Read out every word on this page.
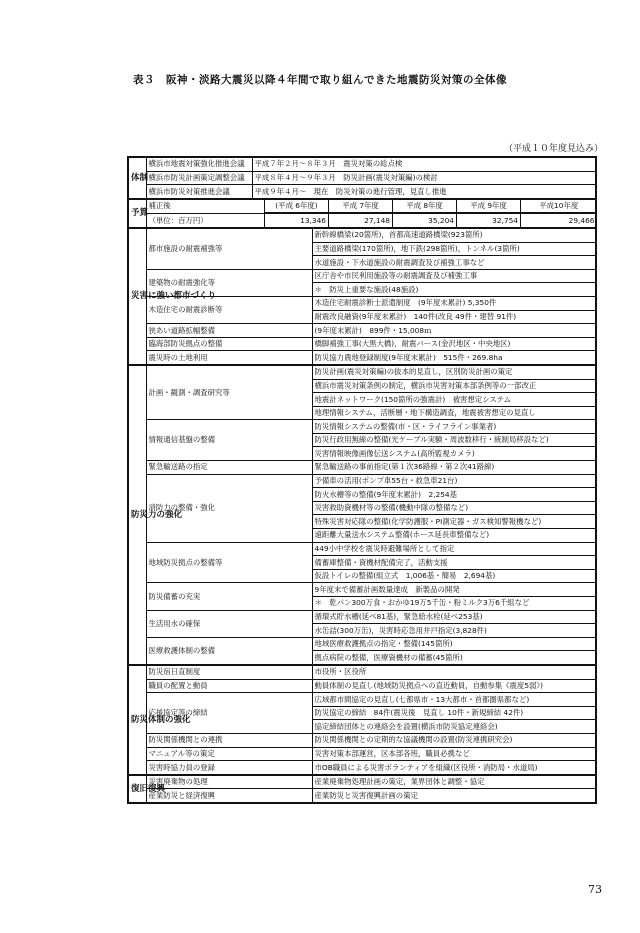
表３　阪神・淡路大震災以降４年間で取り組んできた地震防災対策の全体像
（平成１０年度見込み）
体制	横浜市地震対策強化推進会議	平成７年２月～８年３月　 震災対策の総点検
横浜市防災計画策定調整会議	平成８年４月～９年３月　 防災計画(震災対策編)の検討
横浜市防災対策推進会議	平成９年４月～　現在　 防災対策の進行管理，見直し推進
予算	
補正後	(平成 6年度)	平成 7年度	平成 8年度	平成 9年度	平成10年度
（単位：百万円）	13,346	27,148	35,204	32,754	29,466

災害に強い都市づくり	都市施設の耐震補強等	新幹線橋梁(20箇所)，首都高速道路橋梁(923箇所)
主要道路橋梁(170箇所)，地下鉄(298箇所)，トンネル(3箇所)
水道施設・下水道施設の耐震調査及び補強工事など
建築物の耐震強化等	区庁舎や市民利用施設等の耐震調査及び補強工事
＊　防災上重要な施設(48施設)
木造住宅の耐震診断等	木造住宅耐震診断士派遣制度　(9年度末累計) 5,350件
耐震改良融資(9年度末累計)　140件(改良 49件・建替 91件)
狭あい道路拡幅整備	(9年度末累計)　899件・15,008ｍ
臨海部防災拠点の整備	橋脚補強工事(大黒大橋)，耐震バース(金沢地区・中央地区)
震災時の土地利用	防災協力農地登録制度(9年度末累計)　515件・269.8ha
防災力の強化	計画・観測・調査研究等	防災計画(震災対策編)の抜本的見直し，区別防災計画の策定
横浜市震災対策条例の制定，横浜市災害対策本部条例等の一部改正
地震計ネットワーク(150箇所の強震計)　被害想定システム
地理情報システム，活断層・地下構造調査，地震被害想定の見直し
情報通信基盤の整備	防災情報システムの整備(市・区・ライフライン事業者)
防災行政用無線の整備(光ケーブル実験・周波数移行・統制局移設など)
災害情報映像画像伝送システム(高所監視カメラ)
緊急輸送路の指定	緊急輸送路の事前指定(第１次36路線・第２次41路線)
消防力の整備・強化	予備車の活用(ポンプ車55台・救急車21台)
防火水槽等の整備(9年度末累計)　2,254基
災害救助資機材等の整備(機動中隊の整備など)
特殊災害対応隊の整備(化学防護服・PI測定器・ガス検知警報機など)
遠距離大量送水システム整備(ホース延長車整備など)
地域防災拠点の整備等	449小中学校を震災時避難場所として指定
備蓄庫整備・資機材配備完了，活動支援
仮設トイレの整備(組立式　1,006基・簡易　2,694基)
防災備蓄の充実	9年度末で備蓄計画数量達成　新製品の開発
＊　乾パン300万食・おかゆ19万5千缶・粉ミルク3万6千組など
生活用水の確保	循環式貯水槽(延べ81基)，緊急給水栓(延べ253基)
水缶詰(300万缶)，災害時応急用井戸指定(3,828件)
医療救護体制の整備	地域医療救護拠点の指定・整備(145箇所)
拠点病院の整備，医療資機材の備蓄(45箇所)
防災体制の強化	防災宿日直制度	市役所・区役所
職員の配置と動員	動員体制の見直し(地域防災拠点への直近動員，自動参集《震度5弱》)
応援協定等の締結	広域都市間協定の見直し(七都県市・13大都市・首都圏県都など)
防災協定の締結　84件(震災後　見直し 10件・新規締結 42件)
協定締結団体との連絡会を設置(横浜市防災協定連絡会)
防災関係機関との連携	防災関係機関との定期的な協議機関の設置(防災連携研究会)
マニュアル等の策定	災害対策本部運営，区本部各班，職員必携など
災害時協力員の登録	市OB職員による災害ボランティアを組織(区役所・消防局・水道局)
復旧復興	災害廃棄物の処理	産業廃棄物処理計画の策定，業界団体と調整・協定
産業防災と経済復興	産業防災と災害復興計画の策定
73
